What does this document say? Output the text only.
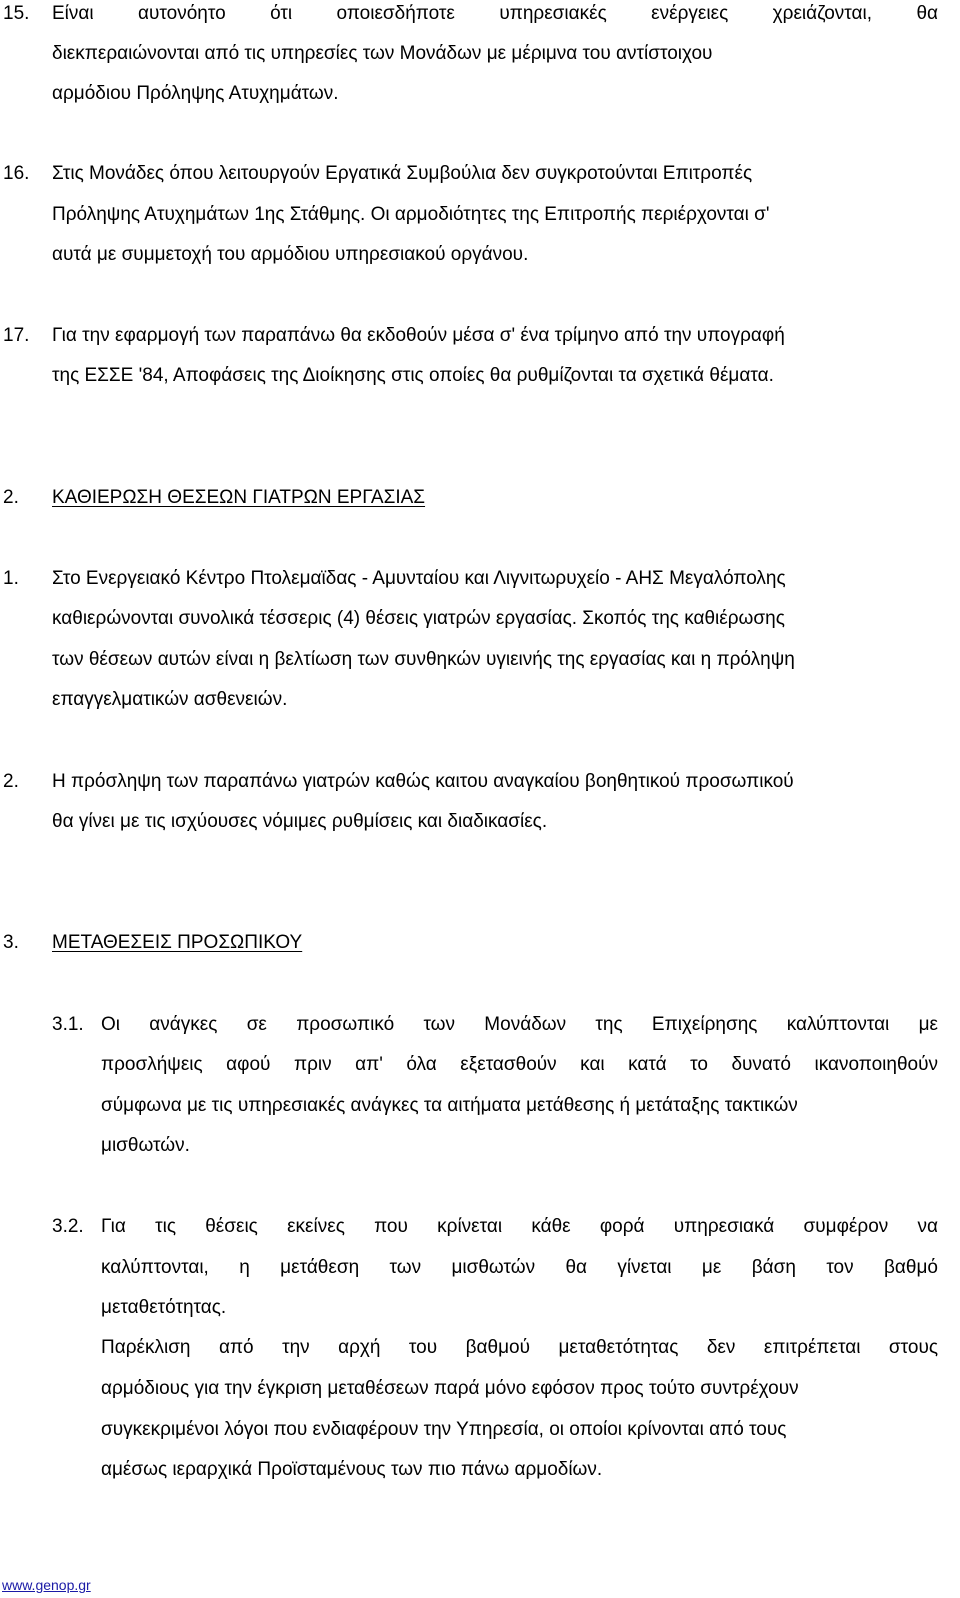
15. Είναι αυτονόητο ότι οποιεσδήποτε υπηρεσιακές ενέργειες χρειάζονται, θα
διεκπεραιώνονται από τις υπηρεσίες των Μονάδων με μέριμνα του αντίστοιχου
αρμόδιου Πρόληψης Ατυχημάτων.
16. Στις Μονάδες όπου λειτουργούν Εργατικά Συμβούλια δεν συγκροτούνται Επιτροπές
Πρόληψης Ατυχημάτων 1ης Στάθμης. Οι αρμοδιότητες της Επιτροπής περιέρχονται σ'
αυτά με συμμετοχή του αρμόδιου υπηρεσιακού οργάνου.
17. Για την εφαρμογή των παραπάνω θα εκδοθούν μέσα σ' ένα τρίμηνο από την υπογραφή
της ΕΣΣΕ '84, Αποφάσεις της Διοίκησης στις οποίες θα ρυθμίζονται τα σχετικά θέματα.
2. ΚΑΘΙΕΡΩΣΗ ΘΕΣΕΩΝ ΓΙΑΤΡΩΝ ΕΡΓΑΣΙΑΣ
1. Στο Ενεργειακό Κέντρο Πτολεμαϊδας - Αμυνταίου και Λιγνιτωρυχείο - ΑΗΣ Μεγαλόπολης
καθιερώνονται συνολικά τέσσερις (4) θέσεις γιατρών εργασίας. Σκοπός της καθιέρωσης
των θέσεων αυτών είναι η βελτίωση των συνθηκών υγιεινής της εργασίας και η πρόληψη
επαγγελματικών ασθενειών.
2. Η πρόσληψη των παραπάνω γιατρών καθώς καιτου αναγκαίου βοηθητικού προσωπικού
θα γίνει με τις ισχύουσες νόμιμες ρυθμίσεις και διαδικασίες.
3. ΜΕΤΑΘΕΣΕΙΣ ΠΡΟΣΩΠΙΚΟΥ
3.1. Οι ανάγκες σε προσωπικό των Μονάδων της Επιχείρησης καλύπτονται με
προσλήψεις αφού πριν απ' όλα εξετασθούν και κατά το δυνατό ικανοποιηθούν
σύμφωνα με τις υπηρεσιακές ανάγκες τα αιτήματα μετάθεσης ή μετάταξης τακτικών
μισθωτών.
3.2. Για τις θέσεις εκείνες που κρίνεται κάθε φορά υπηρεσιακά συμφέρον να
καλύπτονται, η μετάθεση των μισθωτών θα γίνεται με βάση τον βαθμό
μεταθετότητας.
Παρέκλιση από την αρχή του βαθμού μεταθετότητας δεν επιτρέπεται στους
αρμόδιους για την έγκριση μεταθέσεων παρά μόνο εφόσον προς τούτο συντρέχουν
συγκεκριμένοι λόγοι που ενδιαφέρουν την Υπηρεσία, οι οποίοι κρίνονται από τους
αμέσως ιεραρχικά Προϊσταμένους των πιο πάνω αρμοδίων.
www.genop.gr
